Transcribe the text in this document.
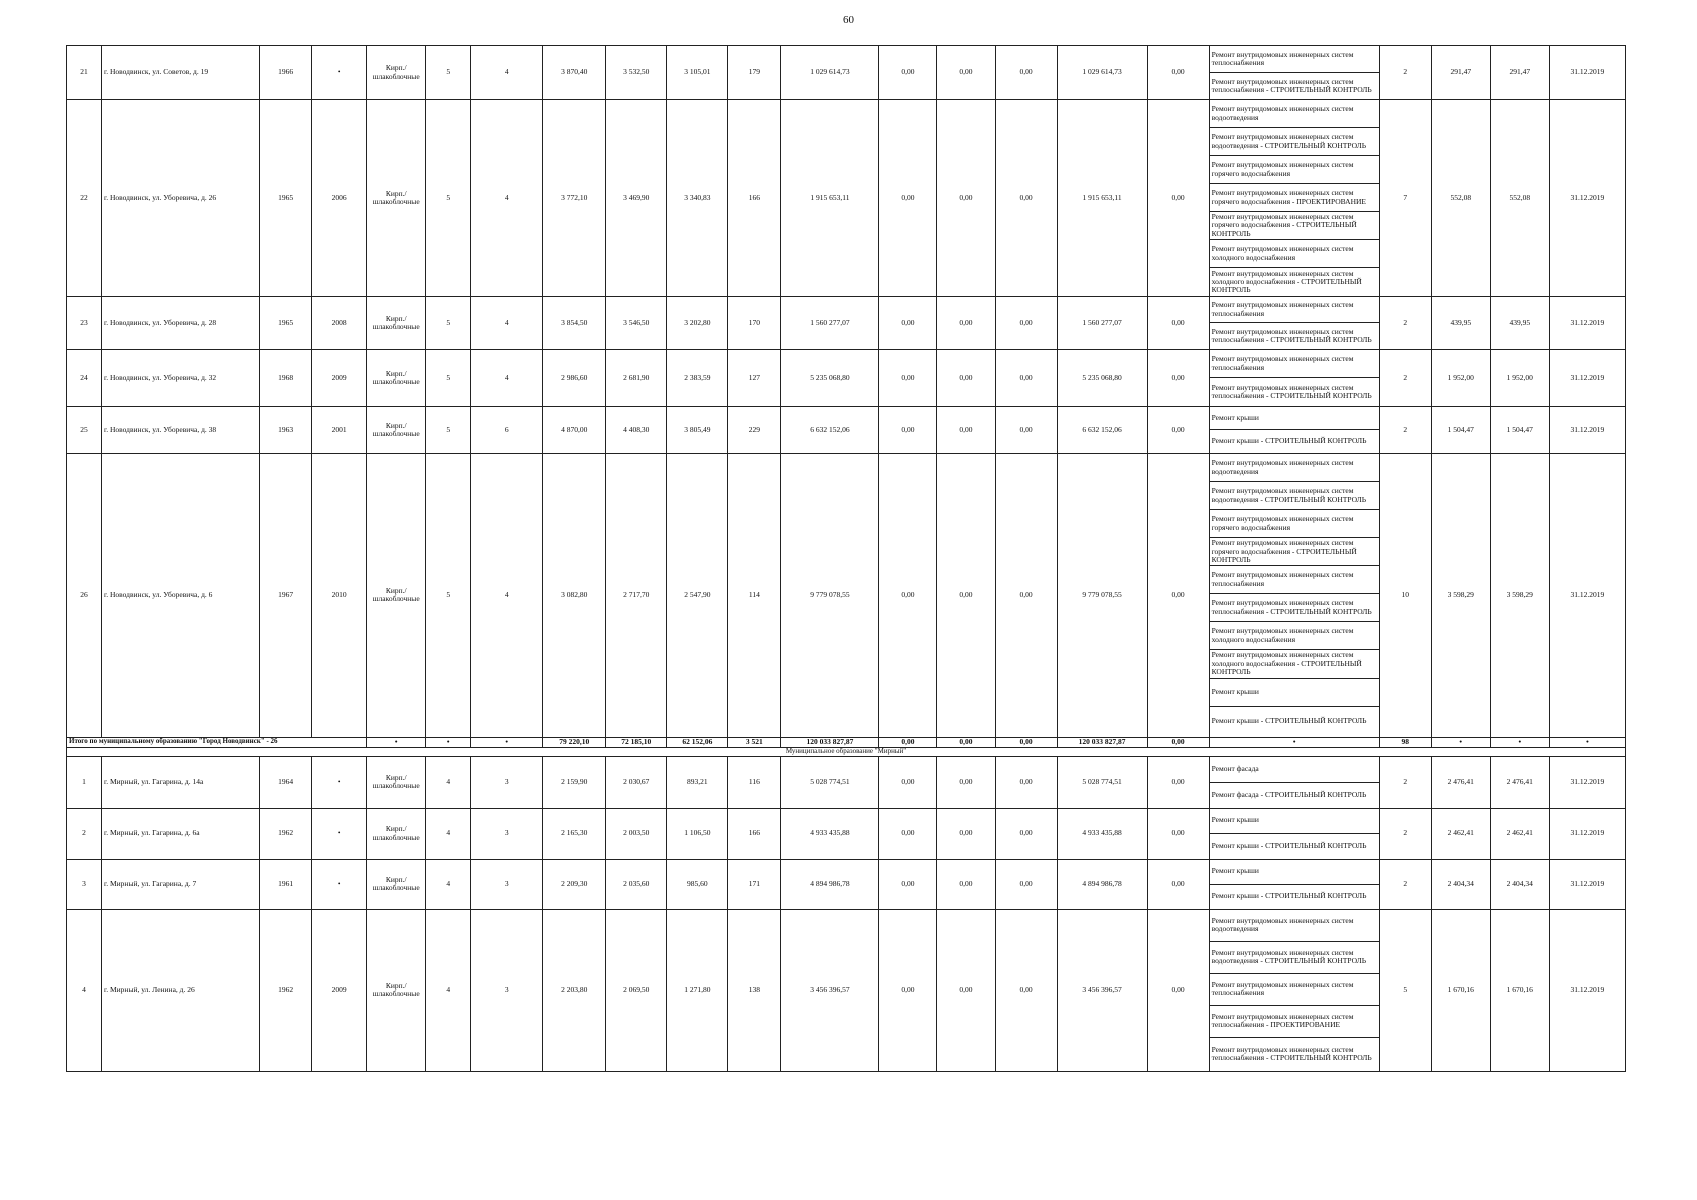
60
21	г. Новодвинск, ул. Советов, д. 19	1966	•	Кирп./ шлакоблочные	5	4	3 870,40	3 532,50	3 105,01	179	1 029 614,73	0,00	0,00	0,00	1 029 614,73	0,00	Ремонт внутридомовых инженерных систем теплоснабжения	2	291,47	291,47	31.12.2019
																	Ремонт внутридомовых инженерных систем теплоснабжения - СТРОИТЕЛЬНЫЙ КОНТРОЛЬ				
22	г. Новодвинск, ул. Уборевича, д. 26	1965	2006	Кирп./ шлакоблочные	5	4	3 772,10	3 469,90	3 340,83	166	1 915 653,11	0,00	0,00	0,00	1 915 653,11	0,00	Ремонт внутридомовых инженерных систем водоотведения	7	552,08	552,08	31.12.2019
																	Ремонт внутридомовых инженерных систем водоотведения - СТРОИТЕЛЬНЫЙ КОНТРОЛЬ				
																	Ремонт внутридомовых инженерных систем горячего водоснабжения				
																	Ремонт внутридомовых инженерных систем горячего водоснабжения - ПРОЕКТИРОВАНИЕ				
																	Ремонт внутридомовых инженерных систем горячего водоснабжения - СТРОИТЕЛЬНЫЙ КОНТРОЛЬ				
																	Ремонт внутридомовых инженерных систем холодного водоснабжения				
																	Ремонт внутридомовых инженерных систем холодного водоснабжения - СТРОИТЕЛЬНЫЙ КОНТРОЛЬ				
23	г. Новодвинск, ул. Уборевича, д. 28	1965	2008	Кирп./ шлакоблочные	5	4	3 854,50	3 546,50	3 202,80	170	1 560 277,07	0,00	0,00	0,00	1 560 277,07	0,00	Ремонт внутридомовых инженерных систем теплоснабжения	2	439,95	439,95	31.12.2019
																	Ремонт внутридомовых инженерных систем теплоснабжения - СТРОИТЕЛЬНЫЙ КОНТРОЛЬ				
24	г. Новодвинск, ул. Уборевича, д. 32	1968	2009	Кирп./ шлакоблочные	5	4	2 986,60	2 681,90	2 383,59	127	5 235 068,80	0,00	0,00	0,00	5 235 068,80	0,00	Ремонт внутридомовых инженерных систем теплоснабжения	2	1 952,00	1 952,00	31.12.2019
																	Ремонт внутридомовых инженерных систем теплоснабжения - СТРОИТЕЛЬНЫЙ КОНТРОЛЬ				
25	г. Новодвинск, ул. Уборевича, д. 38	1963	2001	Кирп./ шлакоблочные	5	6	4 870,00	4 408,30	3 805,49	229	6 632 152,06	0,00	0,00	0,00	6 632 152,06	0,00	Ремонт крыши	2	1 504,47	1 504,47	31.12.2019
																	Ремонт крыши - СТРОИТЕЛЬНЫЙ КОНТРОЛЬ				
26	г. Новодвинск, ул. Уборевича, д. 6	1967	2010	Кирп./ шлакоблочные	5	4	3 082,80	2 717,70	2 547,90	114	9 779 078,55	0,00	0,00	0,00	9 779 078,55	0,00	Ремонт внутридомовых инженерных систем водоотведения	10	3 598,29	3 598,29	31.12.2019
																	Ремонт внутридомовых инженерных систем водоотведения - СТРОИТЕЛЬНЫЙ КОНТРОЛЬ				
																	Ремонт внутридомовых инженерных систем горячего водоснабжения				
																	Ремонт внутридомовых инженерных систем горячего водоснабжения - СТРОИТЕЛЬНЫЙ КОНТРОЛЬ				
																	Ремонт внутридомовых инженерных систем теплоснабжения				
																	Ремонт внутридомовых инженерных систем теплоснабжения - СТРОИТЕЛЬНЫЙ КОНТРОЛЬ				
																	Ремонт внутридомовых инженерных систем холодного водоснабжения				
																	Ремонт внутридомовых инженерных систем холодного водоснабжения - СТРОИТЕЛЬНЫЙ КОНТРОЛЬ				
																	Ремонт крыши				
																	Ремонт крыши - СТРОИТЕЛЬНЫЙ КОНТРОЛЬ				
Итого по муниципальному образованию "Город Новодвинск" - 26				•	•	•	79 220,10	72 185,10	62 152,06	3 521	120 033 827,87	0,00	0,00	0,00	120 033 827,87	0,00	•	98	•	•	•
Муниципальное образование "Мирный"																					
1	г. Мирный, ул. Гагарина, д. 14а	1964	•	Кирп./ шлакоблочные	4	3	2 159,90	2 030,67	893,21	116	5 028 774,51	0,00	0,00	0,00	5 028 774,51	0,00	Ремонт фасада	2	2 476,41	2 476,41	31.12.2019
																	Ремонт фасада - СТРОИТЕЛЬНЫЙ КОНТРОЛЬ				
2	г. Мирный, ул. Гагарина, д. 6а	1962	•	Кирп./ шлакоблочные	4	3	2 165,30	2 003,50	1 106,50	166	4 933 435,88	0,00	0,00	0,00	4 933 435,88	0,00	Ремонт крыши	2	2 462,41	2 462,41	31.12.2019
																	Ремонт крыши - СТРОИТЕЛЬНЫЙ КОНТРОЛЬ				
3	г. Мирный, ул. Гагарина, д. 7	1961	•	Кирп./ шлакоблочные	4	3	2 209,30	2 035,60	985,60	171	4 894 986,78	0,00	0,00	0,00	4 894 986,78	0,00	Ремонт крыши	2	2 404,34	2 404,34	31.12.2019
																	Ремонт крыши - СТРОИТЕЛЬНЫЙ КОНТРОЛЬ				
4	г. Мирный, ул. Ленина, д. 26	1962	2009	Кирп./ шлакоблочные	4	3	2 203,80	2 069,50	1 271,80	138	3 456 396,57	0,00	0,00	0,00	3 456 396,57	0,00	Ремонт внутридомовых инженерных систем водоотведения	5	1 670,16	1 670,16	31.12.2019
																	Ремонт внутридомовых инженерных систем водоотведения - СТРОИТЕЛЬНЫЙ КОНТРОЛЬ				
																	Ремонт внутридомовых инженерных систем теплоснабжения				
																	Ремонт внутридомовых инженерных систем теплоснабжения - ПРОЕКТИРОВАНИЕ				
																	Ремонт внутридомовых инженерных систем теплоснабжения - СТРОИТЕЛЬНЫЙ КОНТРОЛЬ				
